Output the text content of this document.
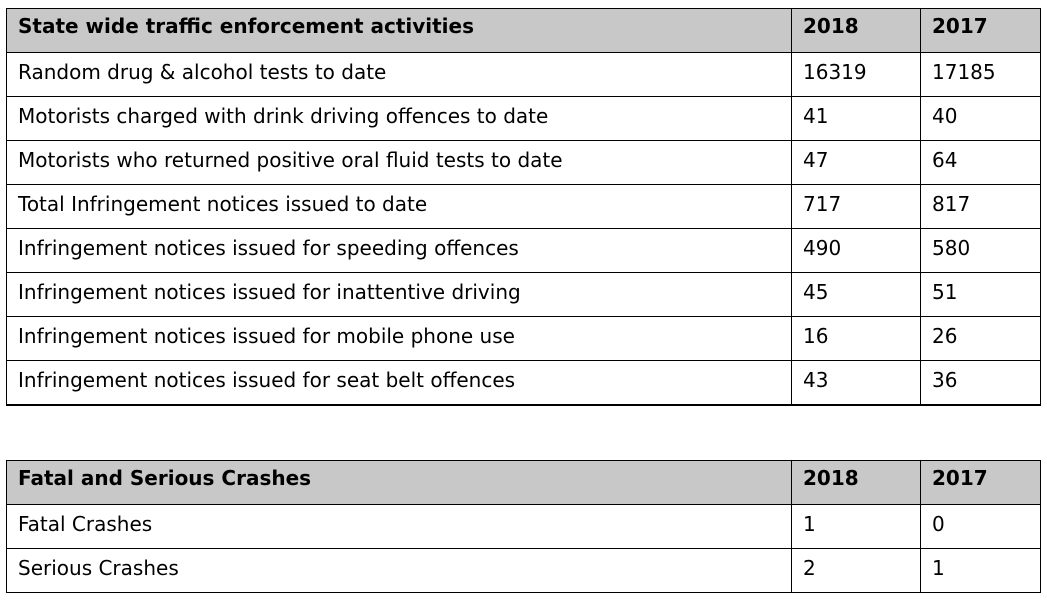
State wide traffic enforcement activities	2018	2017
Random drug & alcohol tests to date	16319	17185
Motorists charged with drink driving offences to date	41	40
Motorists who returned positive oral fluid tests to date	47	64
Total Infringement notices issued to date	717	817
Infringement notices issued for speeding offences	490	580
Infringement notices issued for inattentive driving	45	51
Infringement notices issued for mobile phone use	16	26
Infringement notices issued for seat belt offences	43	36
Fatal and Serious Crashes	2018	2017
Fatal Crashes	1	0
Serious Crashes	2	1
